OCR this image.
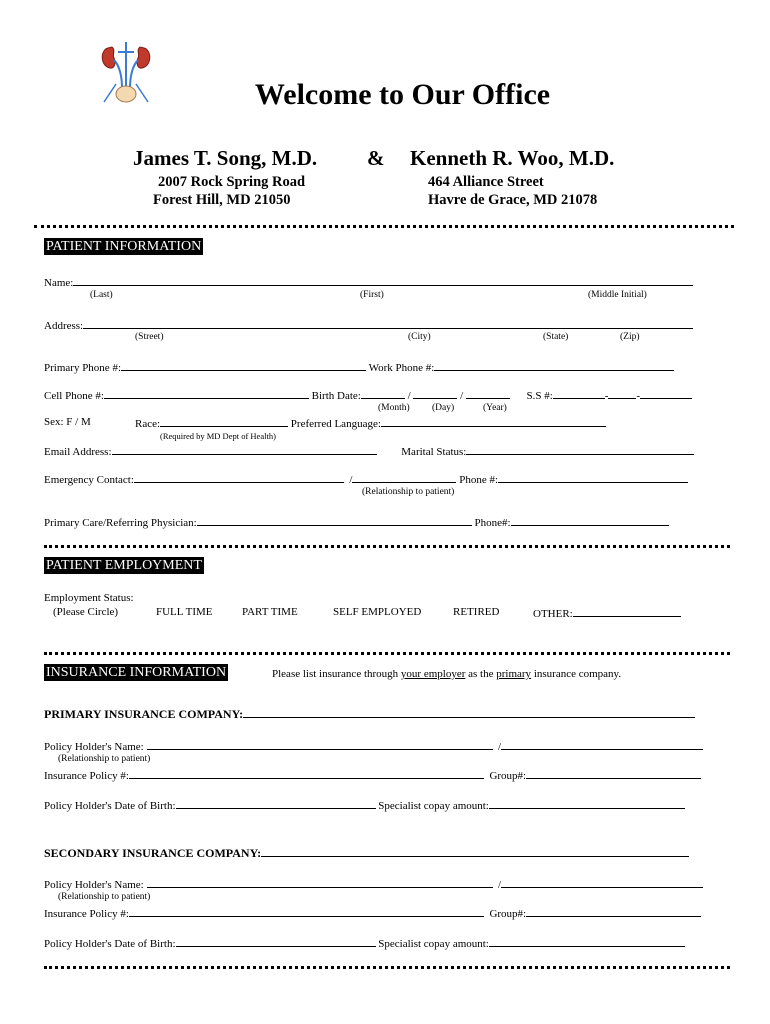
Welcome to Our Office
James T. Song, M.D. & Kenneth R. Woo, M.D.
2007 Rock Spring Road
Forest Hill, MD 21050
464 Alliance Street
Havre de Grace, MD 21078
PATIENT INFORMATION
Name:
(Last)	(First)	(Middle Initial)
Address:
(Street)	(City)	(State)	(Zip)
Primary Phone #:	Work Phone #:
Cell Phone #:	Birth Date:	/	/	S.S #:	-	-
(Month) (Day)	(Year)
Sex: F / M	Race:	Preferred Language:
(Required by MD Dept of Health)
Email Address:	Marital Status:
Emergency Contact:	/	Phone #:
(Relationship to patient)
Primary Care/Referring Physician:	Phone#:
PATIENT EMPLOYMENT
Employment Status:
(Please Circle)	FULL TIME	PART TIME	SELF EMPLOYED	RETIRED	OTHER:
INSURANCE INFORMATION	Please list insurance through your employer as the primary insurance company.
PRIMARY INSURANCE COMPANY:
Policy Holder's Name:	/
(Relationship to patient)
Insurance Policy #:	Group#:
Policy Holder's Date of Birth:	Specialist copay amount:
SECONDARY INSURANCE COMPANY:
Policy Holder's Name:	/
(Relationship to patient)
Insurance Policy #:	Group#:
Policy Holder's Date of Birth:	Specialist copay amount:
